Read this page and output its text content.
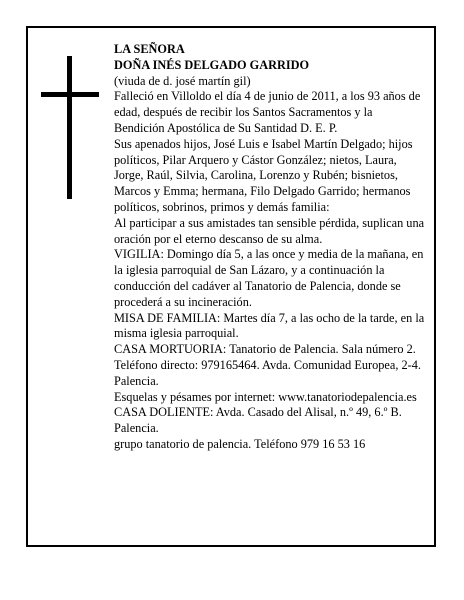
LA SEÑORA

DOÑA INÉS DELGADO GARRIDO

(viuda de d. josé martín gil)

Falleció en Villoldo el día 4 de junio de 2011, a los 93 años de edad, después de recibir los Santos Sacramentos y la Bendición Apostólica de Su Santidad D. E. P.

Sus apenados hijos, José Luis e Isabel Martín Delgado; hijos políticos, Pilar Arquero y Cástor González; nietos, Laura, Jorge, Raúl, Silvia, Carolina, Lorenzo y Rubén; bisnietos, Marcos y Emma; hermana, Filo Delgado Garrido; hermanos políticos, sobrinos, primos y demás familia:

Al participar a sus amistades tan sensible pérdida, suplican una oración por el eterno descanso de su alma.

VIGILIA: Domingo día 5, a las once y media de la mañana, en la iglesia parroquial de San Lázaro, y a continuación la conducción del cadáver al Tanatorio de Palencia, donde se procederá a su incineración.

MISA DE FAMILIA: Martes día 7, a las ocho de la tarde, en la misma iglesia parroquial.

CASA MORTUORIA: Tanatorio de Palencia. Sala número 2. Teléfono directo: 979165464. Avda. Comunidad Europea, 2-4. Palencia.

Esquelas y pésames por internet: www.tanatoriodepalencia.es

CASA DOLIENTE: Avda. Casado del Alisal, n.º 49, 6.º B. Palencia.

grupo tanatorio de palencia. Teléfono 979 16 53 16
